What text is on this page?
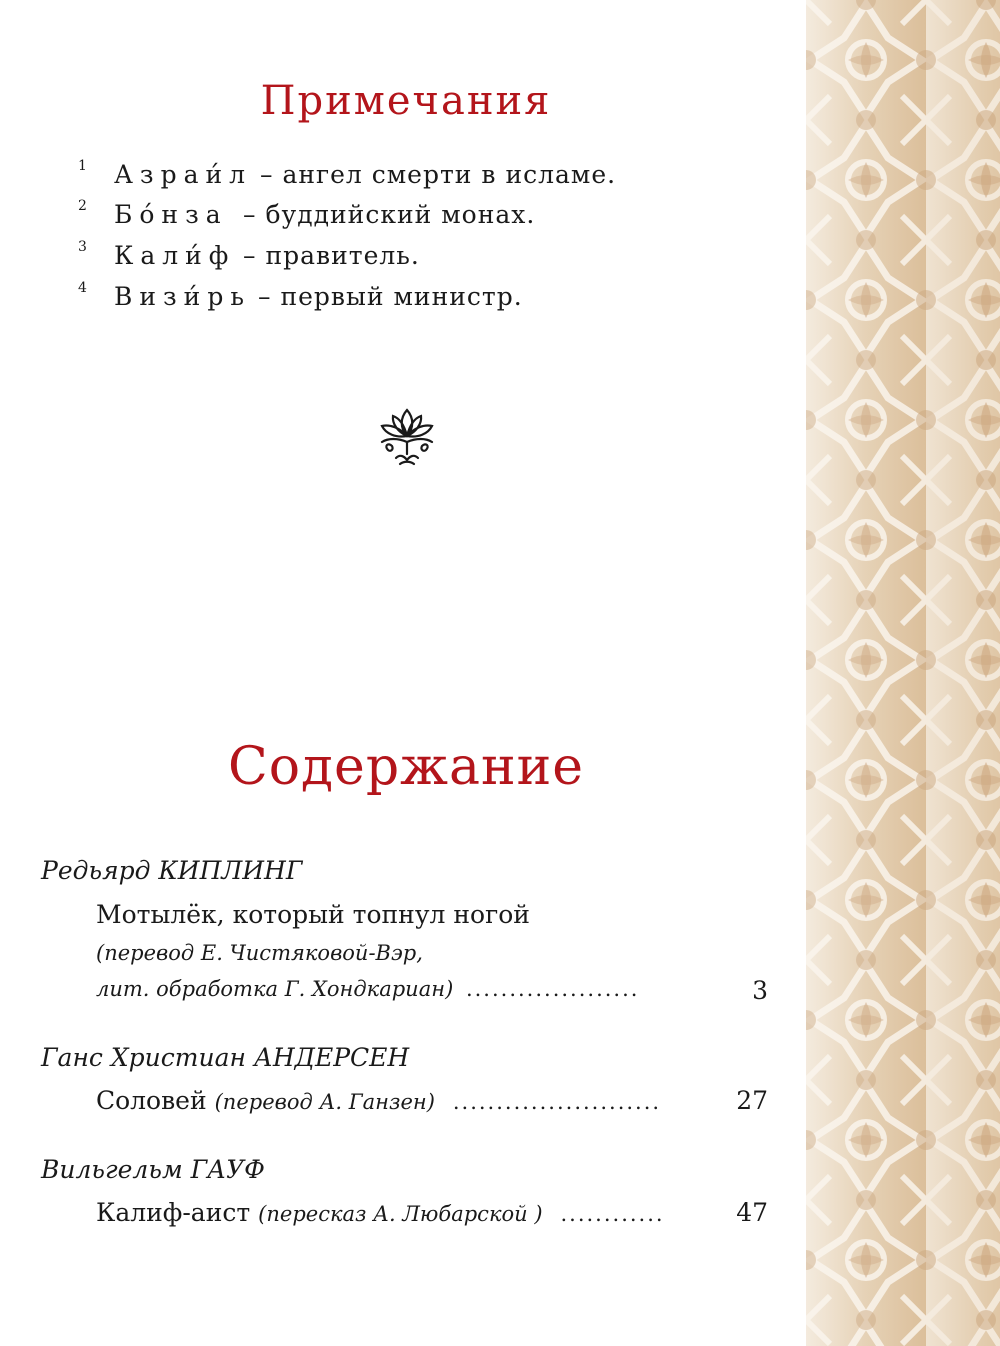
Примечания
1 Азраи́л – ангел смерти в исламе.
2 Бо́нза – буддийский монах.
3 Кали́ф – правитель.
4 Визи́рь – первый министр.
Содержание
Редьярд КИПЛИНГ
Мотылёк, который топнул ногой
(перевод Е. Чистяковой-Вэр,
лит. обработка Г. Хондкариан) ....................	3
Ганс Христиан АНДЕРСЕН
Соловей (перевод А. Ганзен) ........................	27
Вильгельм ГАУФ
Калиф-аист (пересказ А. Любарской ) ............	47
